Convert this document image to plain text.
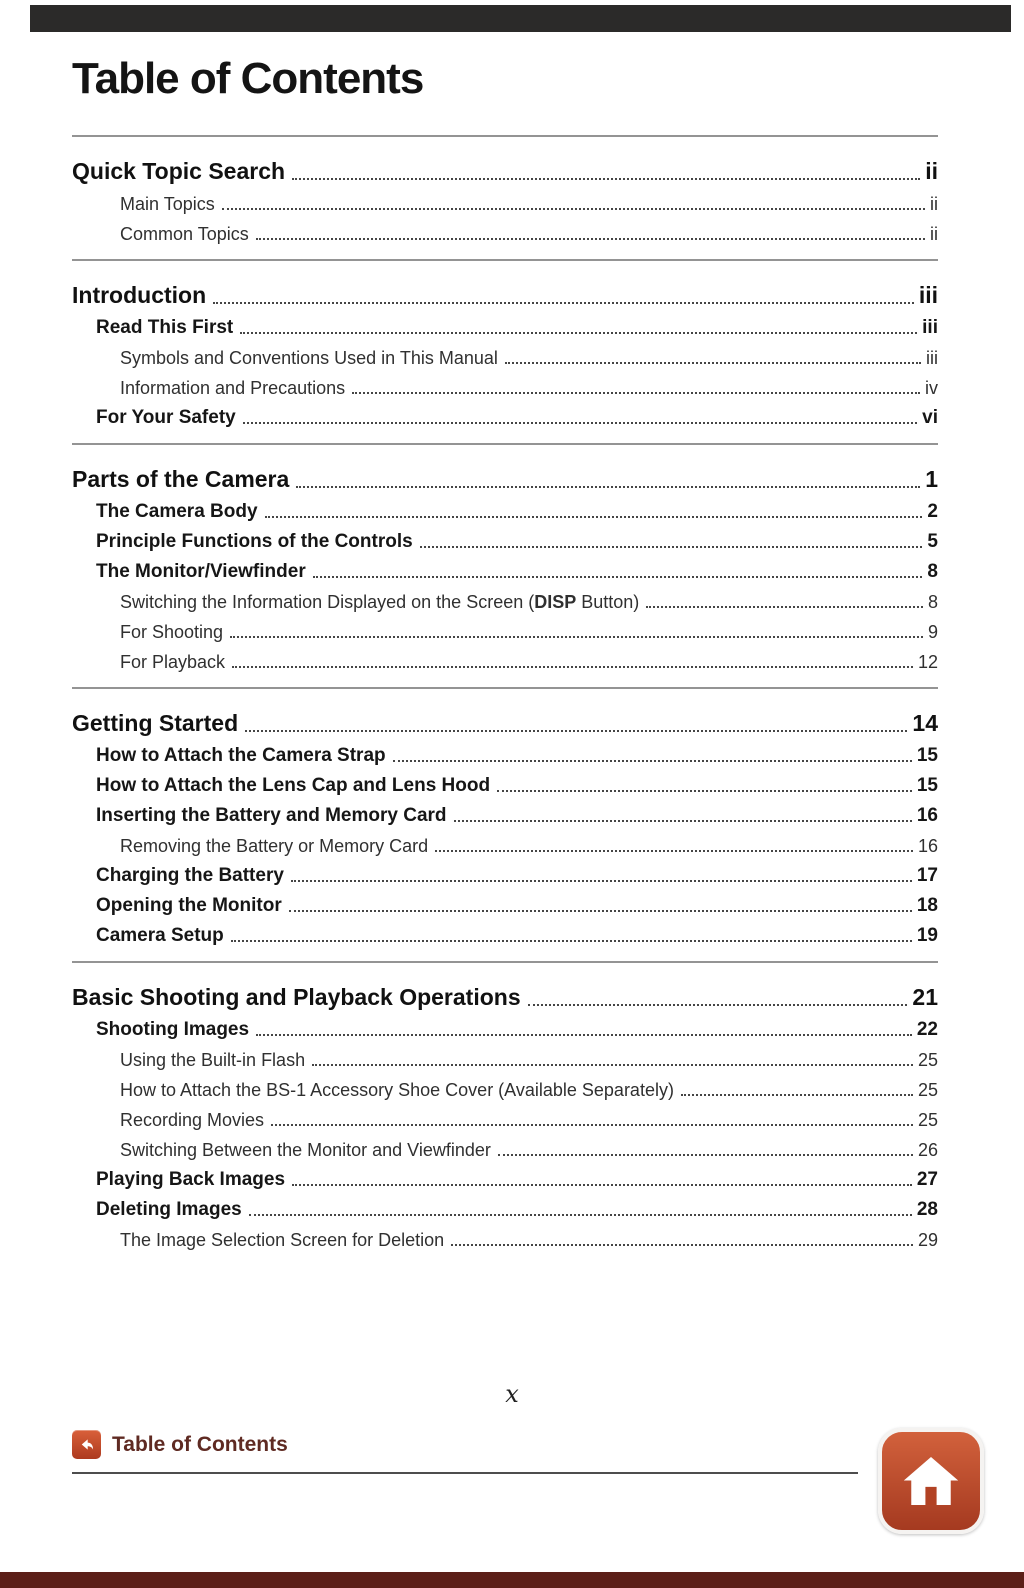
Table of Contents
Quick Topic Search	ii
Main Topics	ii
Common Topics	ii
Introduction	iii
Read This First	iii
Symbols and Conventions Used in This Manual	iii
Information and Precautions	iv
For Your Safety	vi
Parts of the Camera	1
The Camera Body	2
Principle Functions of the Controls	5
The Monitor/Viewfinder	8
Switching the Information Displayed on the Screen (DISP Button)	8
For Shooting	9
For Playback	12
Getting Started	14
How to Attach the Camera Strap	15
How to Attach the Lens Cap and Lens Hood	15
Inserting the Battery and Memory Card	16
Removing the Battery or Memory Card	16
Charging the Battery	17
Opening the Monitor	18
Camera Setup	19
Basic Shooting and Playback Operations	21
Shooting Images	22
Using the Built-in Flash	25
How to Attach the BS-1 Accessory Shoe Cover (Available Separately)	25
Recording Movies	25
Switching Between the Monitor and Viewfinder	26
Playing Back Images	27
Deleting Images	28
The Image Selection Screen for Deletion	29
x
Table of Contents
